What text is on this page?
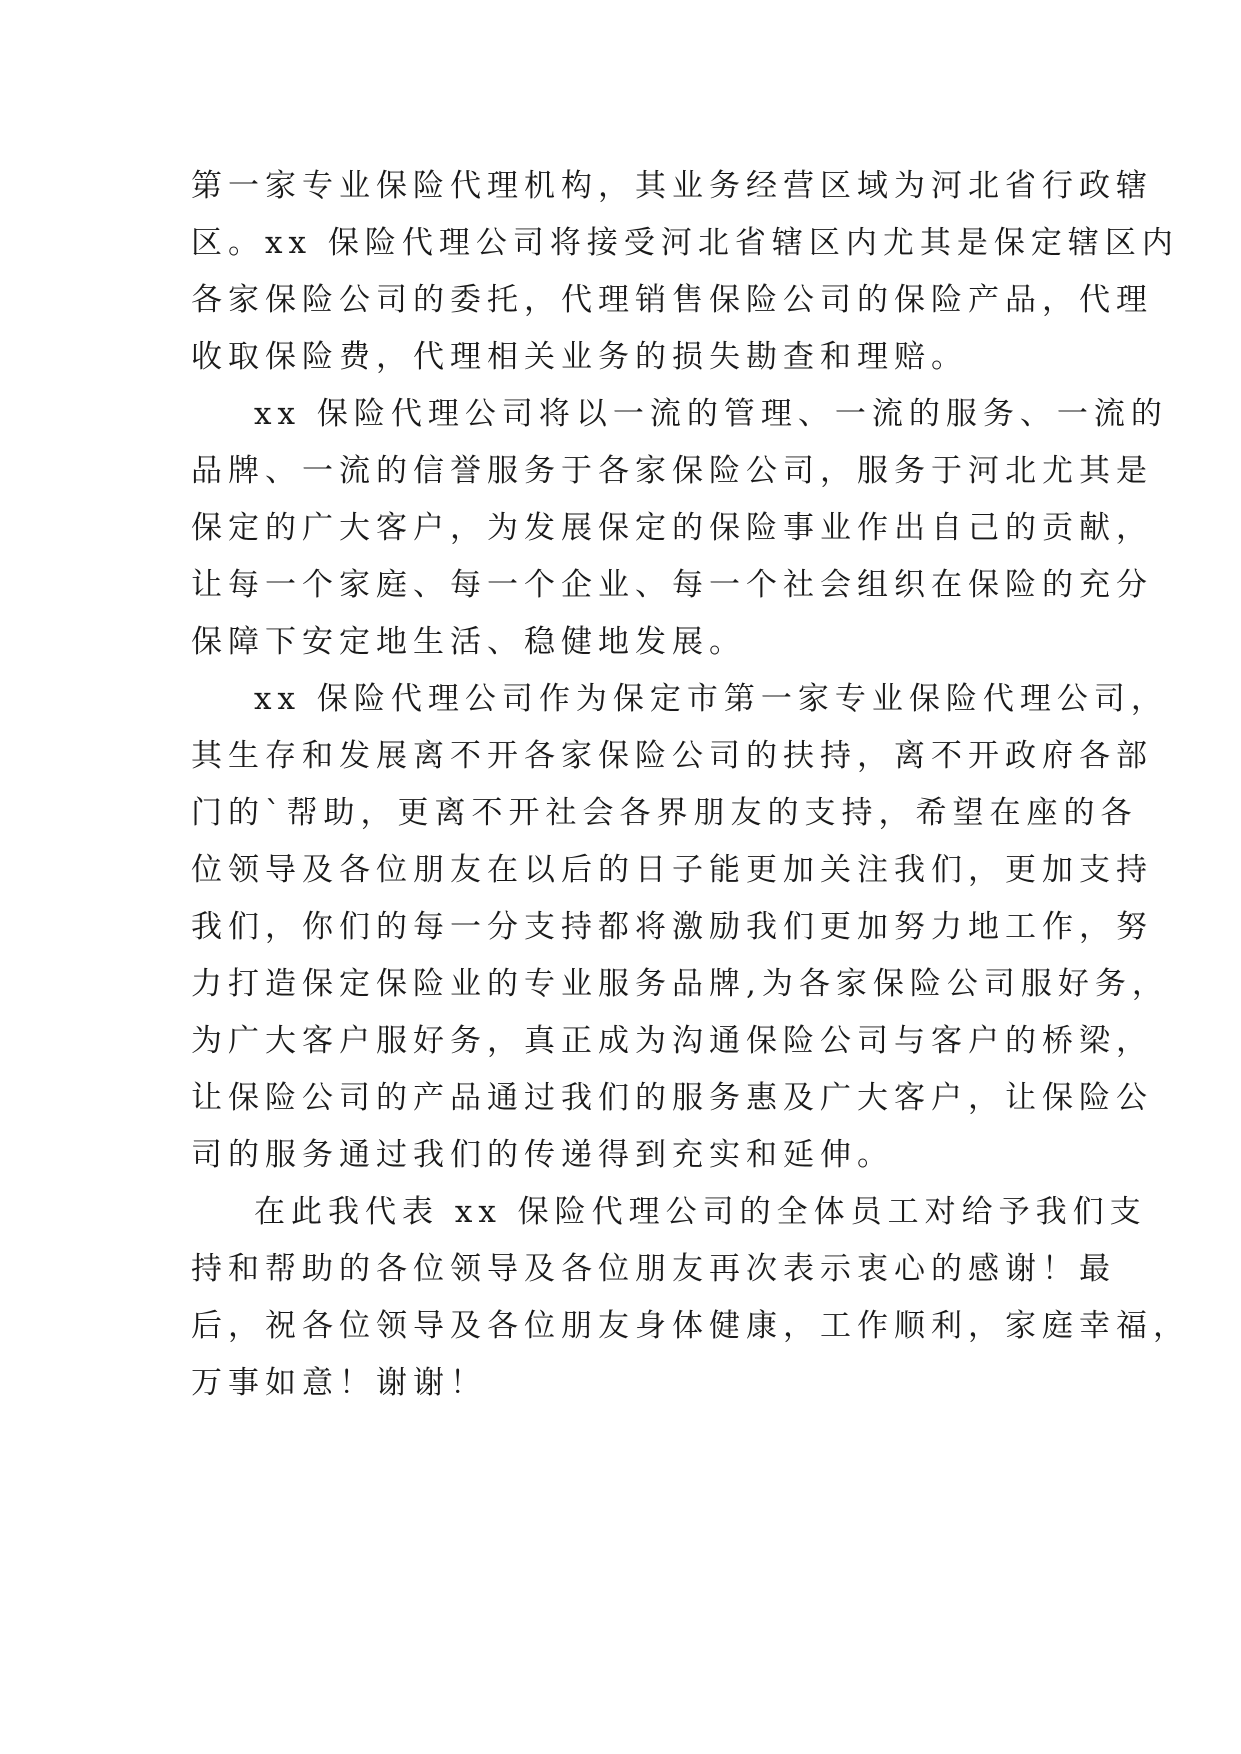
第一家专业保险代理机构，其业务经营区域为河北省行政辖
区。xx 保险代理公司将接受河北省辖区内尤其是保定辖区内
各家保险公司的委托，代理销售保险公司的保险产品，代理
收取保险费，代理相关业务的损失勘查和理赔。
xx 保险代理公司将以一流的管理、一流的服务、一流的
品牌、一流的信誉服务于各家保险公司，服务于河北尤其是
保定的广大客户，为发展保定的保险事业作出自己的贡献，
让每一个家庭、每一个企业、每一个社会组织在保险的充分
保障下安定地生活、稳健地发展。
xx 保险代理公司作为保定市第一家专业保险代理公司，
其生存和发展离不开各家保险公司的扶持，离不开政府各部
门的`帮助，更离不开社会各界朋友的支持，希望在座的各
位领导及各位朋友在以后的日子能更加关注我们，更加支持
我们，你们的每一分支持都将激励我们更加努力地工作，努
力打造保定保险业的专业服务品牌,为各家保险公司服好务，
为广大客户服好务，真正成为沟通保险公司与客户的桥梁，
让保险公司的产品通过我们的服务惠及广大客户，让保险公
司的服务通过我们的传递得到充实和延伸。
在此我代表 xx 保险代理公司的全体员工对给予我们支
持和帮助的各位领导及各位朋友再次表示衷心的感谢！最
后，祝各位领导及各位朋友身体健康，工作顺利，家庭幸福，
万事如意！谢谢！
